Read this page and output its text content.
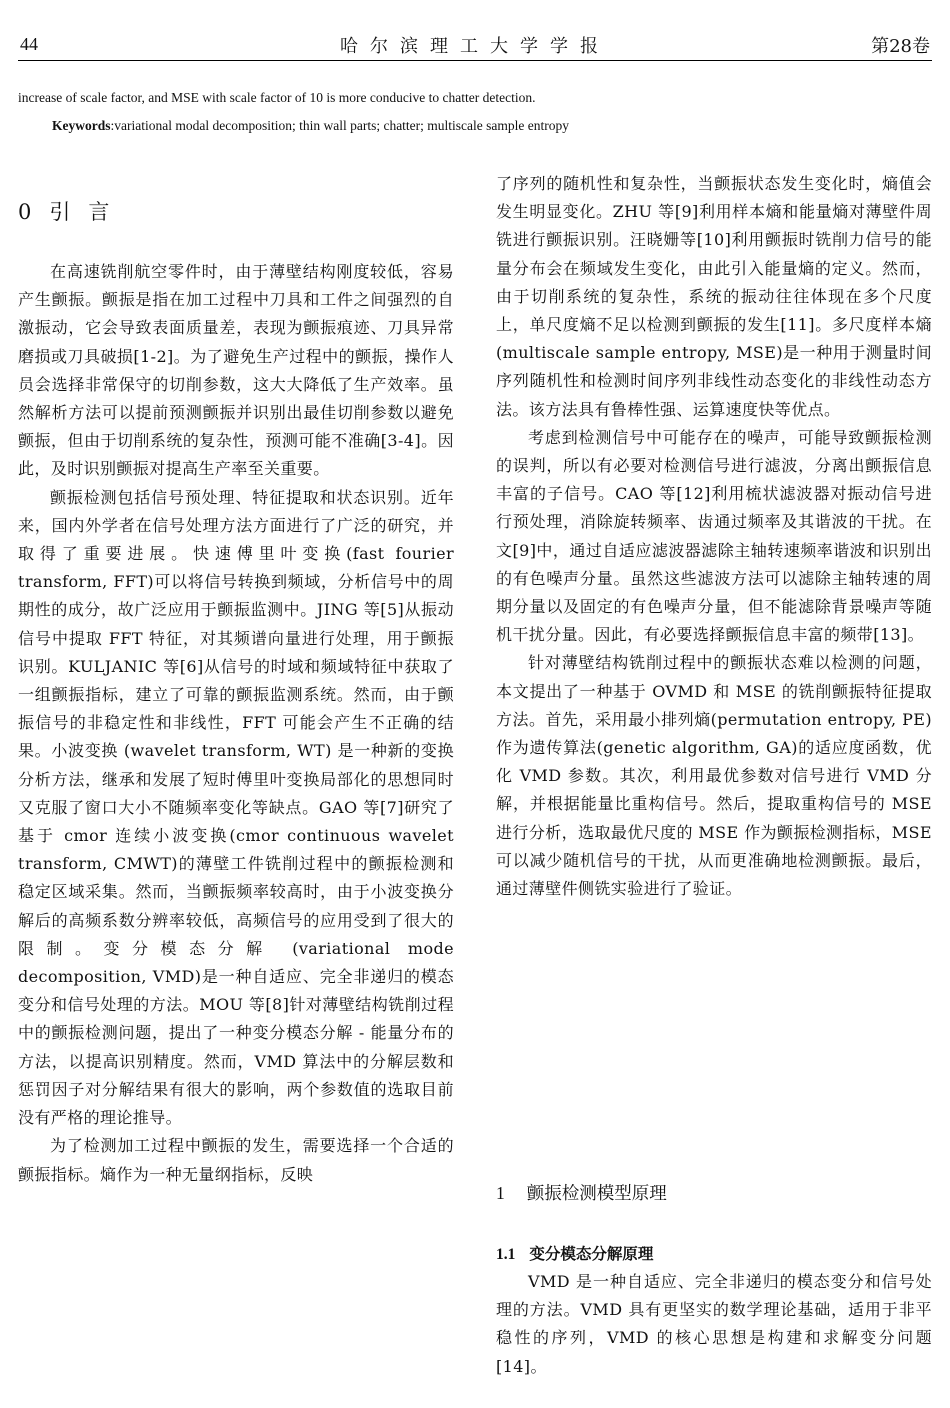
44	哈尔滨理工大学学报	第28卷
increase of scale factor, and MSE with scale factor of 10 is more conducive to chatter detection.
Keywords:variational modal decomposition; thin wall parts; chatter; multiscale sample entropy
0 引言

在高速铣削航空零件时，由于薄壁结构刚度较低，容易产生颤振。颤振是指在加工过程中刀具和工件之间强烈的自激振动，它会导致表面质量差，表现为颤振痕迹、刀具异常磨损或刀具破损[1-2]。为了避免生产过程中的颤振，操作人员会选择非常保守的切削参数，这大大降低了生产效率。虽然解析方法可以提前预测颤振并识别出最佳切削参数以避免颤振，但由于切削系统的复杂性，预测可能不准确[3-4]。因此，及时识别颤振对提高生产率至关重要。

颤振检测包括信号预处理、特征提取和状态识别。近年来，国内外学者在信号处理方法方面进行了广泛的研究，并取得了重要进展。快速傅里叶变换(fast fourier transform, FFT)可以将信号转换到频域，分析信号中的周期性的成分，故广泛应用于颤振监测中。JING 等[5]从振动信号中提取 FFT 特征，对其频谱向量进行处理，用于颤振识别。KULJANIC 等[6]从信号的时域和频域特征中获取了一组颤振指标，建立了可靠的颤振监测系统。然而，由于颤振信号的非稳定性和非线性，FFT 可能会产生不正确的结果。小波变换 (wavelet transform, WT) 是一种新的变换分析方法，继承和发展了短时傅里叶变换局部化的思想同时又克服了窗口大小不随频率变化等缺点。GAO 等[7]研究了基于 cmor 连续小波变换(cmor continuous wavelet transform, CMWT)的薄壁工件铣削过程中的颤振检测和稳定区域采集。然而，当颤振频率较高时，由于小波变换分解后的高频系数分辨率较低，高频信号的应用受到了很大的限制。变分模态分解 (variational mode decomposition, VMD)是一种自适应、完全非递归的模态变分和信号处理的方法。MOU 等[8]针对薄壁结构铣削过程中的颤振检测问题，提出了一种变分模态分解 - 能量分布的方法，以提高识别精度。然而，VMD 算法中的分解层数和惩罚因子对分解结果有很大的影响，两个参数值的选取目前没有严格的理论推导。

为了检测加工过程中颤振的发生，需要选择一个合适的颤振指标。熵作为一种无量纲指标，反映

了序列的随机性和复杂性，当颤振状态发生变化时，熵值会发生明显变化。ZHU 等[9]利用样本熵和能量熵对薄壁件周铣进行颤振识别。汪晓姗等[10]利用颤振时铣削力信号的能量分布会在频域发生变化，由此引入能量熵的定义。然而，由于切削系统的复杂性，系统的振动往往体现在多个尺度上，单尺度熵不足以检测到颤振的发生[11]。多尺度样本熵(multiscale sample entropy, MSE)是一种用于测量时间序列随机性和检测时间序列非线性动态变化的非线性动态方法。该方法具有鲁棒性强、运算速度快等优点。

考虑到检测信号中可能存在的噪声，可能导致颤振检测的误判，所以有必要对检测信号进行滤波，分离出颤振信息丰富的子信号。CAO 等[12]利用梳状滤波器对振动信号进行预处理，消除旋转频率、齿通过频率及其谐波的干扰。在文[9]中，通过自适应滤波器滤除主轴转速频率谐波和识别出的有色噪声分量。虽然这些滤波方法可以滤除主轴转速的周期分量以及固定的有色噪声分量，但不能滤除背景噪声等随机干扰分量。因此，有必要选择颤振信息丰富的频带[13]。

针对薄壁结构铣削过程中的颤振状态难以检测的问题，本文提出了一种基于 OVMD 和 MSE 的铣削颤振特征提取方法。首先，采用最小排列熵(permutation entropy, PE)作为遗传算法(genetic algorithm, GA)的适应度函数，优化 VMD 参数。其次，利用最优参数对信号进行 VMD 分解，并根据能量比重构信号。然后，提取重构信号的 MSE 进行分析，选取最优尺度的 MSE 作为颤振检测指标，MSE 可以减少随机信号的干扰，从而更准确地检测颤振。最后，通过薄壁件侧铣实验进行了验证。

1 颤振检测模型原理
1.1 变分模态分解原理

VMD 是一种自适应、完全非递归的模态变分和信号处理的方法。VMD 具有更坚实的数学理论基础，适用于非平稳性的序列，VMD 的核心思想是构建和求解变分问题[14]。
